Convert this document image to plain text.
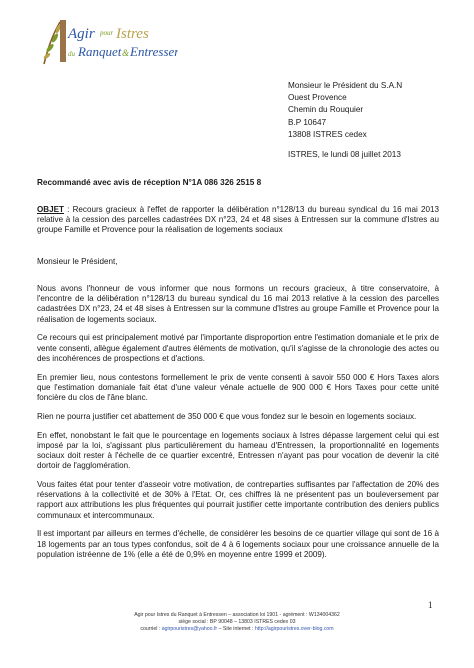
Agir pour Istres
du Ranquet & Entressen
Monsieur le Président du S.A.N
Ouest Provence
Chemin du Rouquier
B.P 10647
13808 ISTRES cedex
ISTRES, le lundi 08 juillet 2013
Recommandé avec avis de réception N°1A 086 326 2515 8
OBJET : Recours gracieux à l'effet de rapporter la délibération n°128/13 du bureau syndical du 16 mai 2013 relative à la cession des parcelles cadastrées DX n°23, 24 et 48 sises à Entressen sur la commune d'Istres au groupe Famille et Provence pour la réalisation de logements sociaux
Monsieur le Président,

Nous avons l'honneur de vous informer que nous formons un recours gracieux, à titre conservatoire, à l'encontre de la délibération n°128/13 du bureau syndical du 16 mai 2013 relative à la cession des parcelles cadastrées DX n°23, 24 et 48 sises à Entressen sur la commune d'Istres au groupe Famille et Provence pour la réalisation de logements sociaux.

Ce recours qui est principalement motivé par l'importante disproportion entre l'estimation domaniale et le prix de vente consenti, allègue également d'autres éléments de motivation, qu'il s'agisse de la chronologie des actes ou des incohérences de prospections et d'actions.

En premier lieu, nous contestons formellement le prix de vente consenti à savoir 550 000 € Hors Taxes alors que l'estimation domaniale fait état d'une valeur vénale actuelle de 900 000 € Hors Taxes pour cette unité foncière du clos de l'âne blanc.

Rien ne pourra justifier cet abattement de 350 000 € que vous fondez sur le besoin en logements sociaux.

En effet, nonobstant le fait que le pourcentage en logements sociaux à Istres dépasse largement celui qui est imposé par la loi, s'agissant plus particulièrement du hameau d'Entressen, la proportionnalité en logements sociaux doit rester à l'échelle de ce quartier excentré, Entressen n'ayant pas pour vocation de devenir la cité dortoir de l'agglomération.

Vous faites état pour tenter d'asseoir votre motivation, de contreparties suffisantes par l'affectation de 20% des réservations à la collectivité et de 30% à l'Etat. Or, ces chiffres là ne présentent pas un bouleversement par rapport aux attributions les plus fréquentes qui pourrait justifier cette importante contribution des deniers publics communaux et intercommunaux.

Il est important par ailleurs en termes d'échelle, de considérer les besoins de ce quartier village qui sont de 16 à 18 logements par an tous types confondus, soit de 4 à 6 logements sociaux pour une croissance annuelle de la population istréenne de 1% (elle a été de 0,9% en moyenne entre 1999 et 2009).

1
Agir pour Istres du Ranquet à Entressen – association loi 1901 - agrément : W134004362
siège social : BP 90048 – 13803 ISTRES cedex 03
courriel : agirpouristres@yahoo.fr – Site internet : http://agirpouristres.over-blog.com
